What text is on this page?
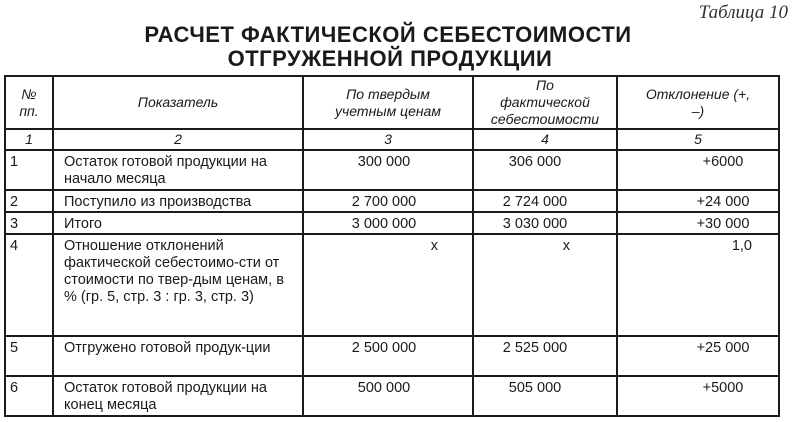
Таблица 10
РАСЧЕТ ФАКТИЧЕСКОЙ СЕБЕСТОИМОСТИ
ОТГРУЖЕННОЙ ПРОДУКЦИИ
№ пп.	Показатель	По твердым учетным ценам	По фактической себестоимости	Отклонение (+, –)
1	2	3	4	5
1	Остаток готовой продукции на начало месяца	300 000	306 000	+6000
2	Поступило из производства	2 700 000	2 724 000	+24 000
3	Итого	3 000 000	3 030 000	+30 000
4	Отношение отклонений фактической себестоимо-сти от стоимости по твер-дым ценам, в % (гр. 5, стр. 3 : гр. 3, стр. 3)	х	х	1,0
5	Отгружено готовой продук-ции	2 500 000	2 525 000	+25 000
6	Остаток готовой продукции на конец месяца	500 000	505 000	+5000
